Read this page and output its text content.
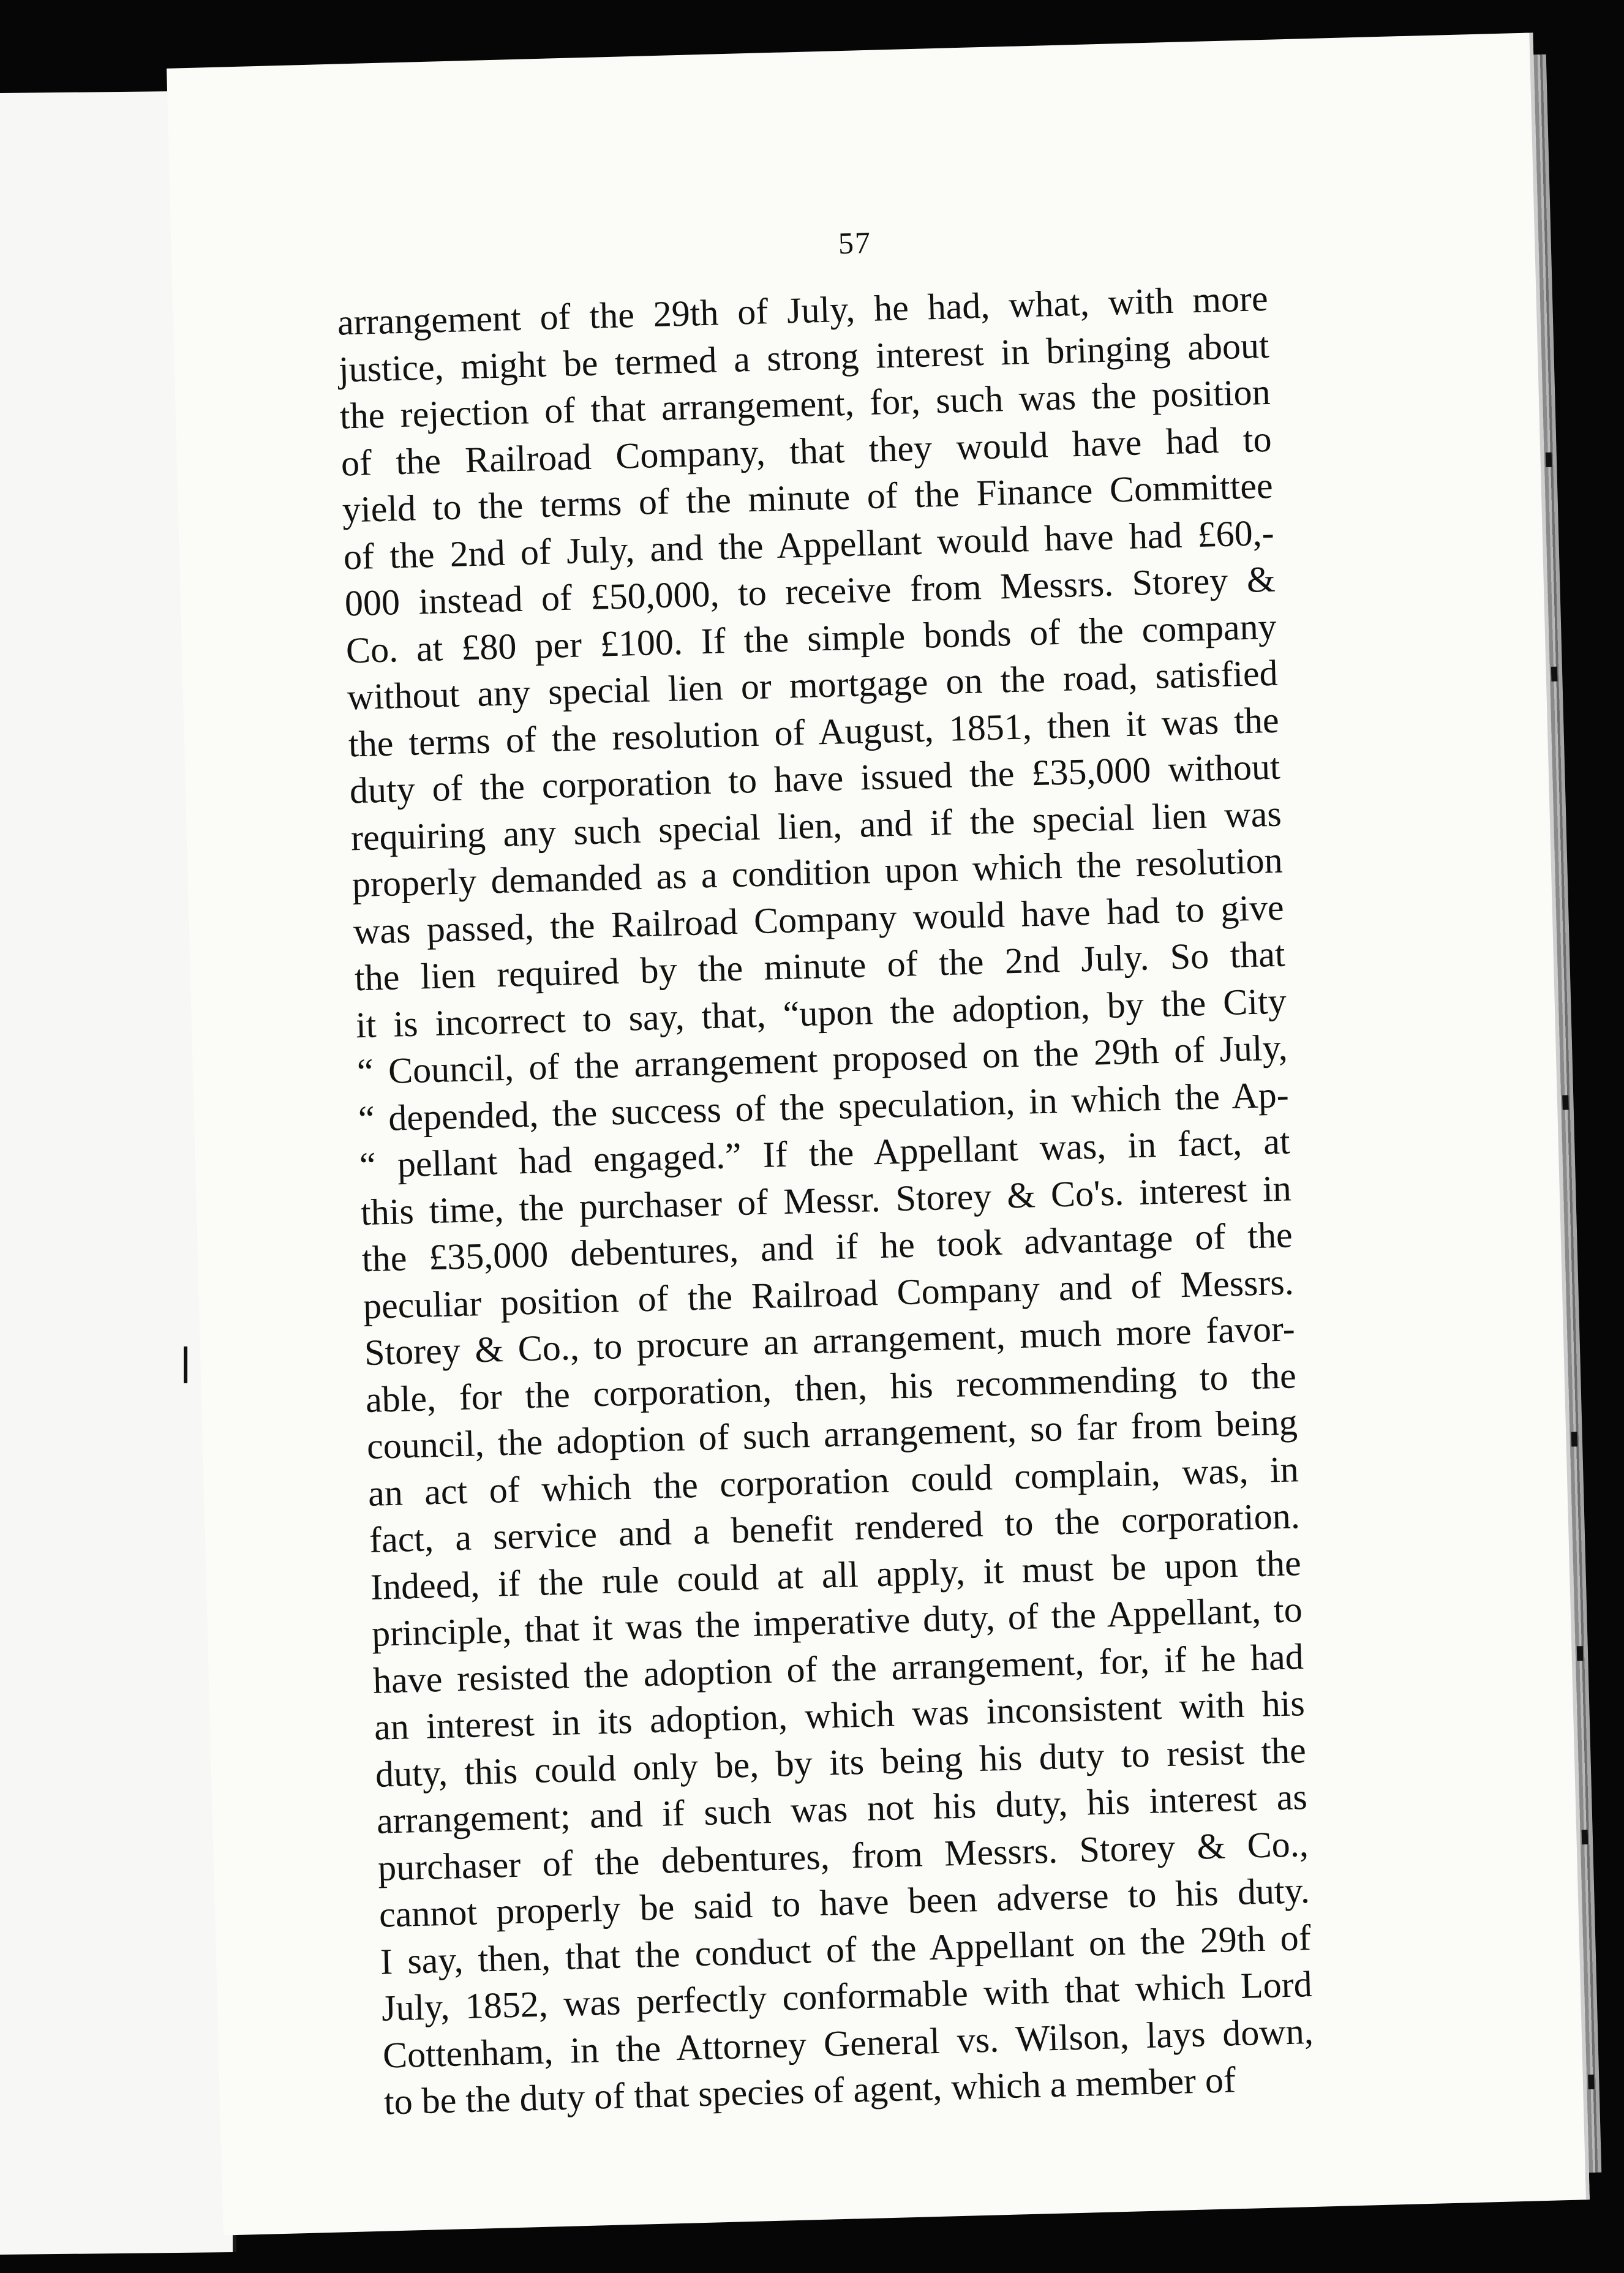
57
arrangement of the 29th of July, he had, what, with more
justice, might be termed a strong interest in bringing about
the rejection of that arrangement, for, such was the position
of the Railroad Company, that they would have had to
yield to the terms of the minute of the Finance Committee
of the 2nd of July, and the Appellant would have had £60,-
000 instead of £50,000, to receive from Messrs. Storey &
Co. at £80 per £100. If the simple bonds of the company
without any special lien or mortgage on the road, satisfied
the terms of the resolution of August, 1851, then it was the
duty of the corporation to have issued the £35,000 without
requiring any such special lien, and if the special lien was
properly demanded as a condition upon which the resolution
was passed, the Railroad Company would have had to give
the lien required by the minute of the 2nd July. So that
it is incorrect to say, that, “upon the adoption, by the City
“ Council, of the arrangement proposed on the 29th of July,
“ depended, the success of the speculation, in which the Ap-
“ pellant had engaged.” If the Appellant was, in fact, at
this time, the purchaser of Messr. Storey & Co's. interest in
the £35,000 debentures, and if he took advantage of the
peculiar position of the Railroad Company and of Messrs.
Storey & Co., to procure an arrangement, much more favor-
able, for the corporation, then, his recommending to the
council, the adoption of such arrangement, so far from being
an act of which the corporation could complain, was, in
fact, a service and a benefit rendered to the corporation.
Indeed, if the rule could at all apply, it must be upon the
principle, that it was the imperative duty, of the Appellant, to
have resisted the adoption of the arrangement, for, if he had
an interest in its adoption, which was inconsistent with his
duty, this could only be, by its being his duty to resist the
arrangement; and if such was not his duty, his interest as
purchaser of the debentures, from Messrs. Storey & Co.,
cannot properly be said to have been adverse to his duty.
I say, then, that the conduct of the Appellant on the 29th of
July, 1852, was perfectly conformable with that which Lord
Cottenham, in the Attorney General vs. Wilson, lays down,
to be the duty of that species of agent, which a member of
